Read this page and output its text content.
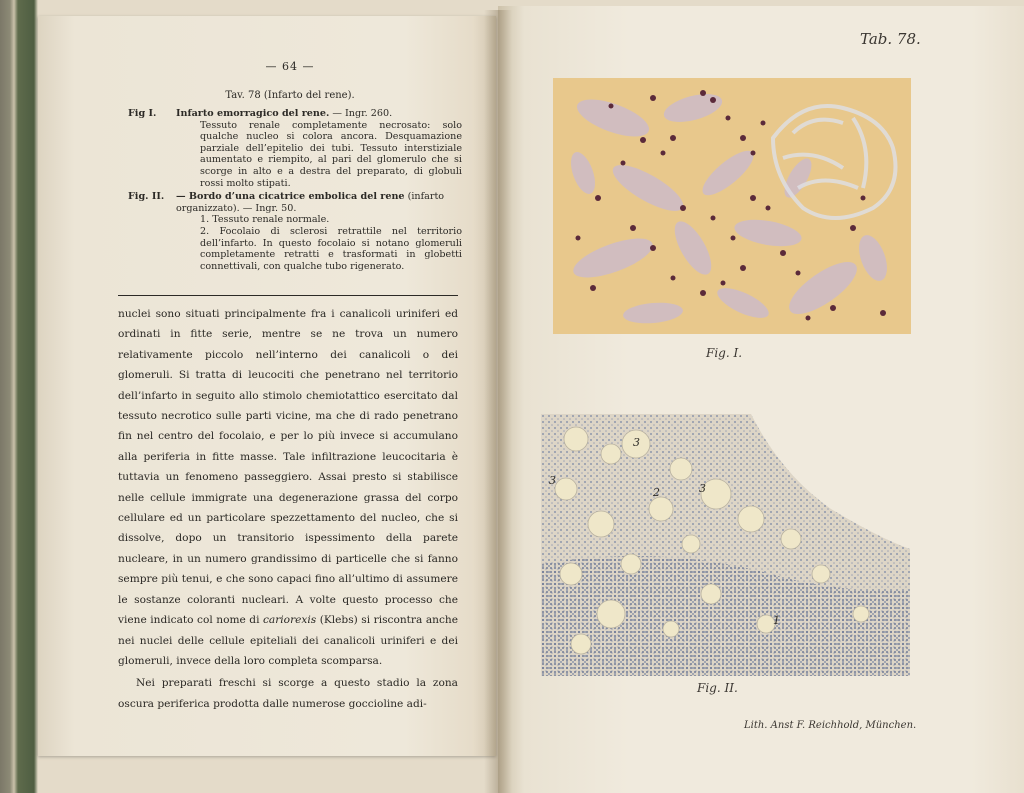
— 64 —
Tav. 78 (Infarto del rene).
Fig I.	Infarto emorragico del rene. — Ingr. 260.
Tessuto renale completamente necrosato: solo qualche nucleo si colora ancora. Desquamazione parziale dell’epitelio dei tubi. Tessuto interstiziale aumentato e riempito, al pari del glomerulo che si scorge in alto e a destra del preparato, di globuli rossi molto stipati.
Fig. II.	— Bordo d’una cicatrice embolica del rene (infarto organizzato). — Ingr. 50.
1. Tessuto renale normale.
2. Focolaio di sclerosi retrattile nel territorio dell’infarto. In questo focolaio si notano glomeruli completamente retratti e trasformati in globetti connettivali, con qualche tubo rigenerato.

nuclei sono situati principalmente fra i canalicoli uriniferi ed ordinati in fitte serie, mentre se ne trova un numero relativamente piccolo nell’interno dei canalicoli o dei glomeruli. Si tratta di leucociti che penetrano nel territorio dell’infarto in seguito allo stimolo chemiotattico esercitato dal tessuto necrotico sulle parti vicine, ma che di rado penetrano fin nel centro del focolaio, e per lo più invece si accumulano alla periferia in fitte masse. Tale infiltrazione leucocitaria è tuttavia un fenomeno passeggiero. Assai presto si stabilisce nelle cellule immigrate una degenerazione grassa del corpo cellulare ed un particolare spezzettamento del nucleo, che si dissolve, dopo un transitorio ispessimento della parete nucleare, in un numero grandissimo di particelle che si fanno sempre più tenui, e che sono capaci fino all’ultimo di assumere le sostanze coloranti nucleari. A volte questo processo che viene indicato col nome di cariorexis (Klebs) si riscontra anche nei nuclei delle cellule epiteliali dei canalicoli uriniferi e dei glomeruli, invece della loro completa scomparsa.

Nei preparati freschi si scorge a questo stadio la zona oscura periferica prodotta dalle numerose goccioline adi-

Tab. 78.
Fig. I.
3
3
2	3
1
Fig. II.
Lith. Anst F. Reichhold, München.
